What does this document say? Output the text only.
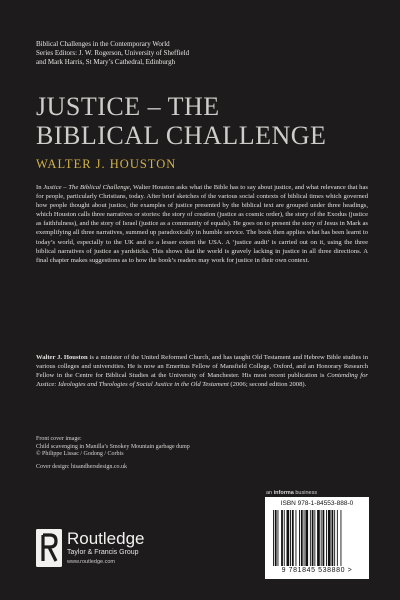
Biblical Challenges in the Contemporary World
Series Editors: J. W. Rogerson, University of Sheffield
and Mark Harris, St Mary’s Cathedral, Edinburgh
JUSTICE – THE
BIBLICAL CHALLENGE
WALTER J. HOUSTON

In Justice – The Biblical Challenge, Walter Houston asks what the Bible has to say about justice, and what relevance that has for people, particularly Christians, today. After brief sketches of the various social contexts of biblical times which governed how people thought about justice, the examples of justice presented by the biblical text are grouped under three headings, which Houston calls three narratives or stories: the story of creation (justice as cosmic order), the story of the Exodus (justice as faithfulness), and the story of Israel (justice as a community of equals). He goes on to present the story of Jesus in Mark as exemplifying all three narratives, summed up paradoxically in humble service. The book then applies what has been learnt to today’s world, especially to the UK and to a lesser extent the USA. A ‘justice audit’ is carried out on it, using the three biblical narratives of justice as yardsticks. This shows that the world is gravely lacking in justice in all three directions. A final chapter makes suggestions as to how the book’s readers may work for justice in their own context.

Walter J. Houston is a minister of the United Reformed Church, and has taught Old Testament and Hebrew Bible studies in various colleges and universities. He is now an Emeritus Fellow of Mansfield College, Oxford, and an Honorary Research Fellow in the Centre for Biblical Studies at the University of Manchester. His most recent publication is Contending for Justice: Ideologies and Theologies of Social Justice in the Old Testament (2006; second edition 2008).

Front cover image:
Child scavenging in Manilla’s Smokey Mountain garbage dump
© Philippe Lissac / Godong / Corbis
Cover design: hisandhersdesign.co.uk
Routledge
Taylor & Francis Group
www.routledge.com
an informa business
ISBN 978-1-84553-888-0
9 781845 538880 >
